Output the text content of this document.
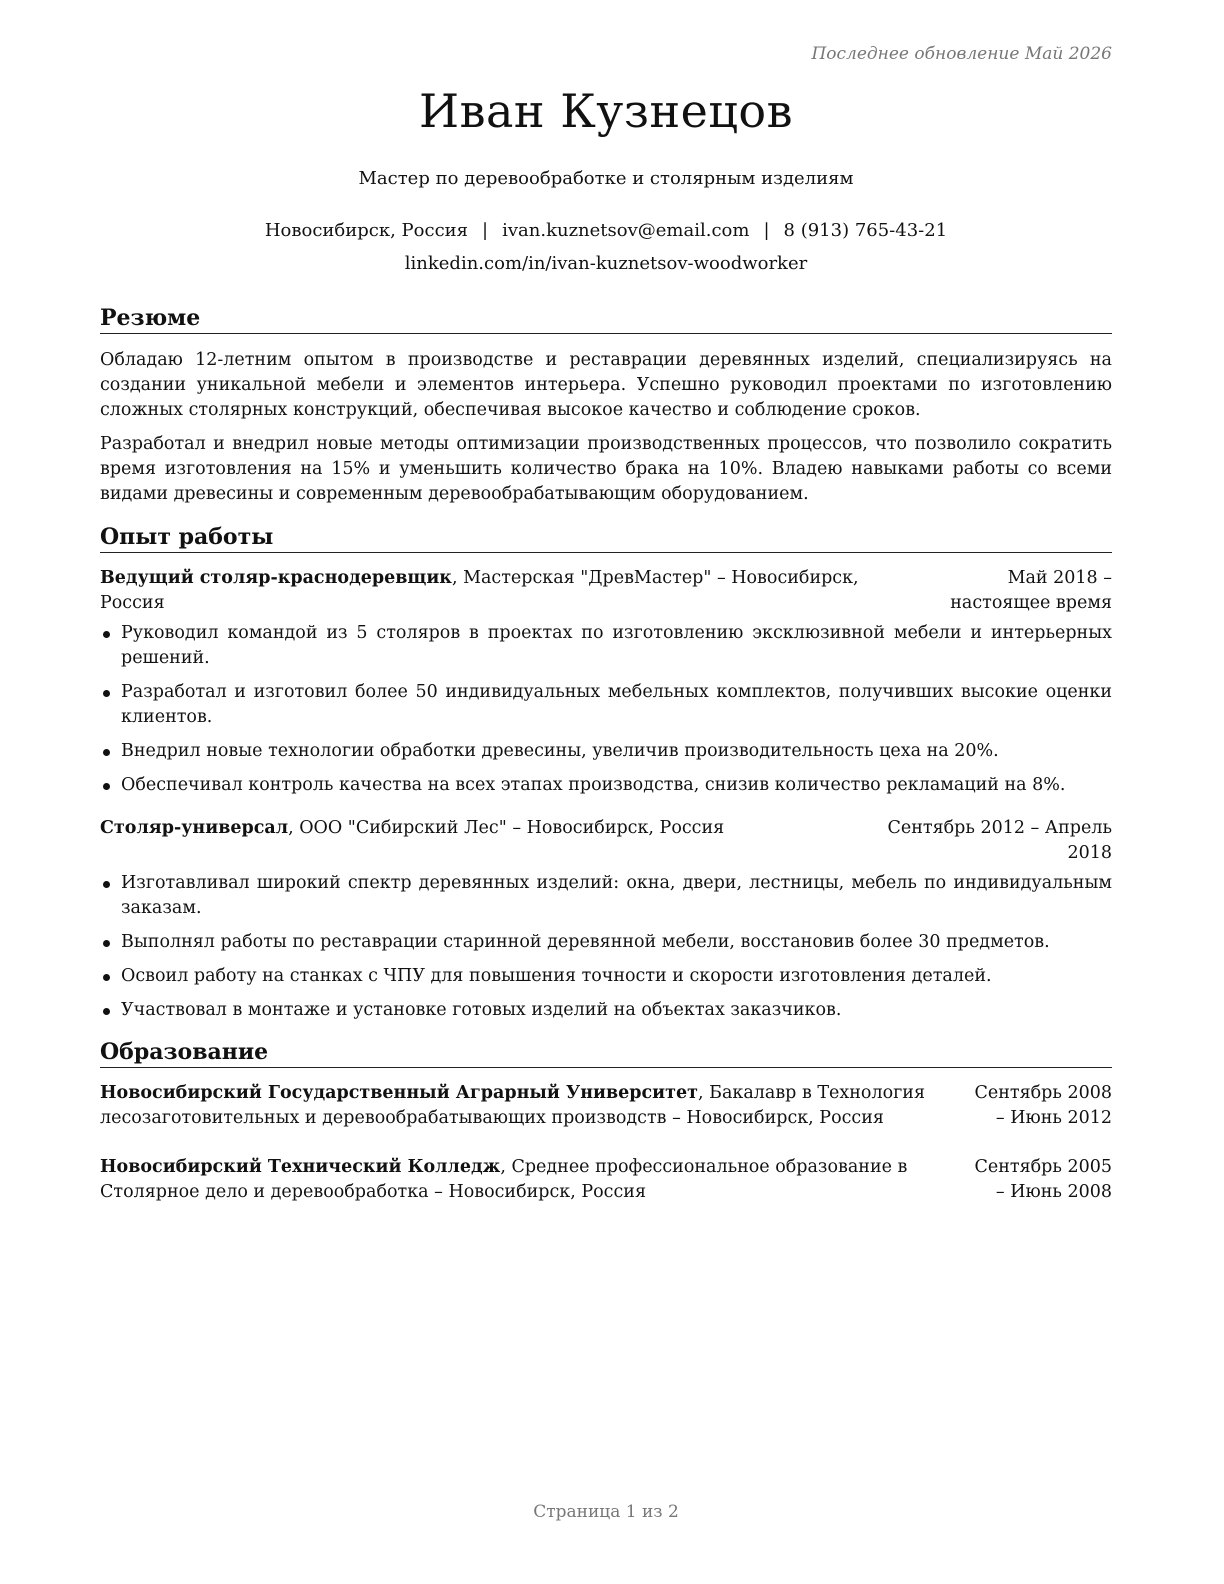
Последнее обновление Май 2026
Иван Кузнецов
Мастер по деревообработке и столярным изделиям
Новосибирск, Россия | ivan.kuznetsov@email.com | 8 (913) 765-43-21
linkedin.com/in/ivan-kuznetsov-woodworker
Резюме

Обладаю 12-летним опытом в производстве и реставрации деревянных изделий, специализируясь на создании уникальной мебели и элементов интерьера. Успешно руководил проектами по изготовлению сложных столярных конструкций, обеспечивая высокое качество и соблюдение сроков.

Разработал и внедрил новые методы оптимизации производственных процессов, что позволило сократить время изготовления на 15% и уменьшить количество брака на 10%. Владею навыками работы со всеми видами древесины и современным деревообрабатывающим оборудованием.

Опыт работы
Ведущий столяр-краснодеревщик, Мастерская "ДревМастер" – Новосибирск, Россия
Май 2018 – настоящее время
Руководил командой из 5 столяров в проектах по изготовлению эксклюзивной мебели и интерьерных решений.
Разработал и изготовил более 50 индивидуальных мебельных комплектов, получивших высокие оценки клиентов.
Внедрил новые технологии обработки древесины, увеличив производительность цеха на 20%.
Обеспечивал контроль качества на всех этапах производства, снизив количество рекламаций на 8%.
Столяр-универсал, ООО "Сибирский Лес" – Новосибирск, Россия	Сентябрь 2012 – Апрель 2018
Изготавливал широкий спектр деревянных изделий: окна, двери, лестницы, мебель по индивидуальным заказам.
Выполнял работы по реставрации старинной деревянной мебели, восстановив более 30 предметов.
Освоил работу на станках с ЧПУ для повышения точности и скорости изготовления деталей.
Участвовал в монтаже и установке готовых изделий на объектах заказчиков.
Образование
Новосибирский Государственный Аграрный Университет, Бакалавр в Технология лесозаготовительных и деревообрабатывающих производств – Новосибирск, Россия
Сентябрь 2008 – Июнь 2012
Новосибирский Технический Колледж, Среднее профессиональное образование в Столярное дело и деревообработка – Новосибирск, Россия
Сентябрь 2005 – Июнь 2008
Страница 1 из 2
